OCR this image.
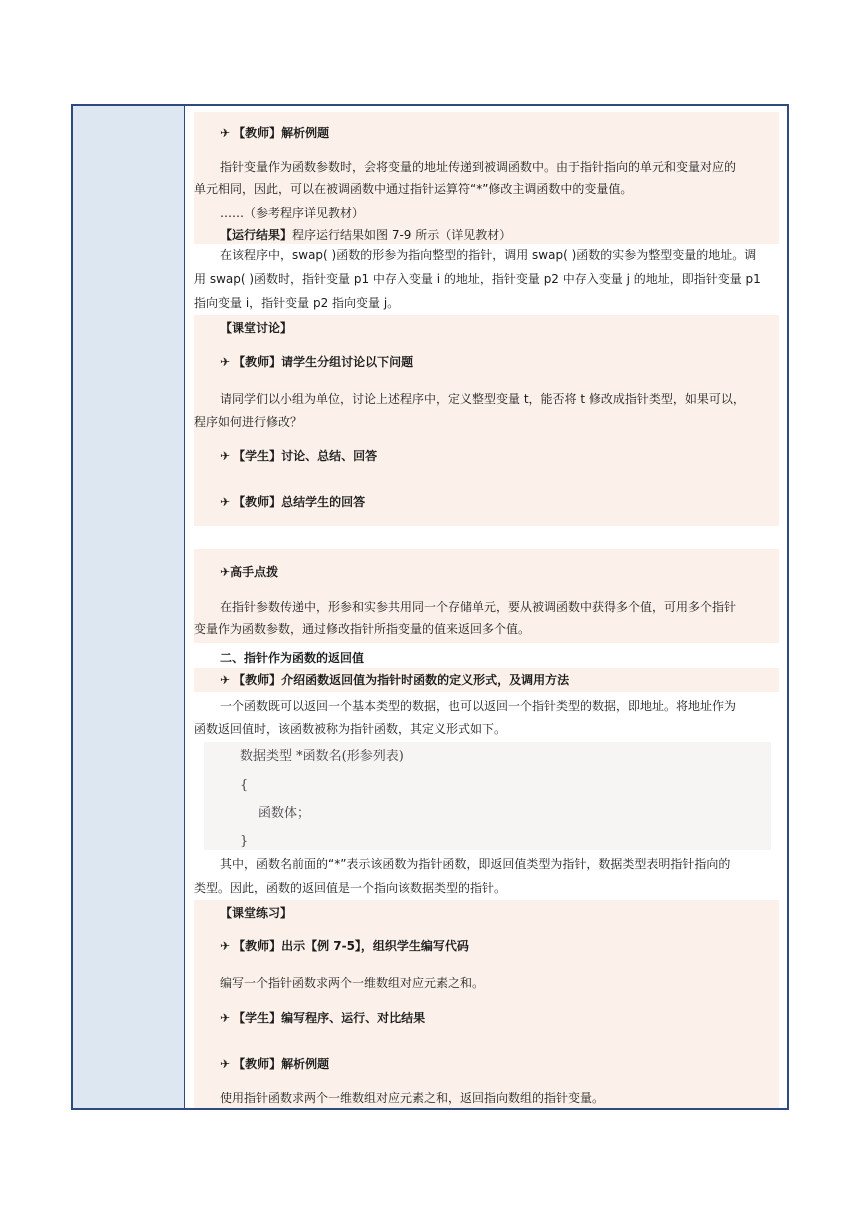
✈ 【教师】解析例题
指针变量作为函数参数时，会将变量的地址传递到被调函数中。由于指针指向的单元和变量对应的
单元相同，因此，可以在被调函数中通过指针运算符“*”修改主调函数中的变量值。
……（参考程序详见教材）
【运行结果】程序运行结果如图 7-9 所示（详见教材）
在该程序中，swap( )函数的形参为指向整型的指针，调用 swap( )函数的实参为整型变量的地址。调
用 swap( )函数时，指针变量 p1 中存入变量 i 的地址，指针变量 p2 中存入变量 j 的地址，即指针变量 p1
指向变量 i，指针变量 p2 指向变量 j。
【课堂讨论】
✈ 【教师】请学生分组讨论以下问题
请同学们以小组为单位，讨论上述程序中，定义整型变量 t，能否将 t 修改成指针类型，如果可以，
程序如何进行修改？
✈ 【学生】讨论、总结、回答
✈ 【教师】总结学生的回答
✈高手点拨
在指针参数传递中，形参和实参共用同一个存储单元，要从被调函数中获得多个值，可用多个指针
变量作为函数参数，通过修改指针所指变量的值来返回多个值。
二、指针作为函数的返回值
✈ 【教师】介绍函数返回值为指针时函数的定义形式，及调用方法
一个函数既可以返回一个基本类型的数据，也可以返回一个指针类型的数据，即地址。将地址作为
函数返回值时，该函数被称为指针函数，其定义形式如下。
数据类型 *函数名(形参列表)
{
函数体；
}
其中，函数名前面的“*”表示该函数为指针函数，即返回值类型为指针，数据类型表明指针指向的
类型。因此，函数的返回值是一个指向该数据类型的指针。
【课堂练习】
✈ 【教师】出示【例 7-5】，组织学生编写代码
编写一个指针函数求两个一维数组对应元素之和。
✈ 【学生】编写程序、运行、对比结果
✈ 【教师】解析例题
使用指针函数求两个一维数组对应元素之和，返回指向数组的指针变量。
